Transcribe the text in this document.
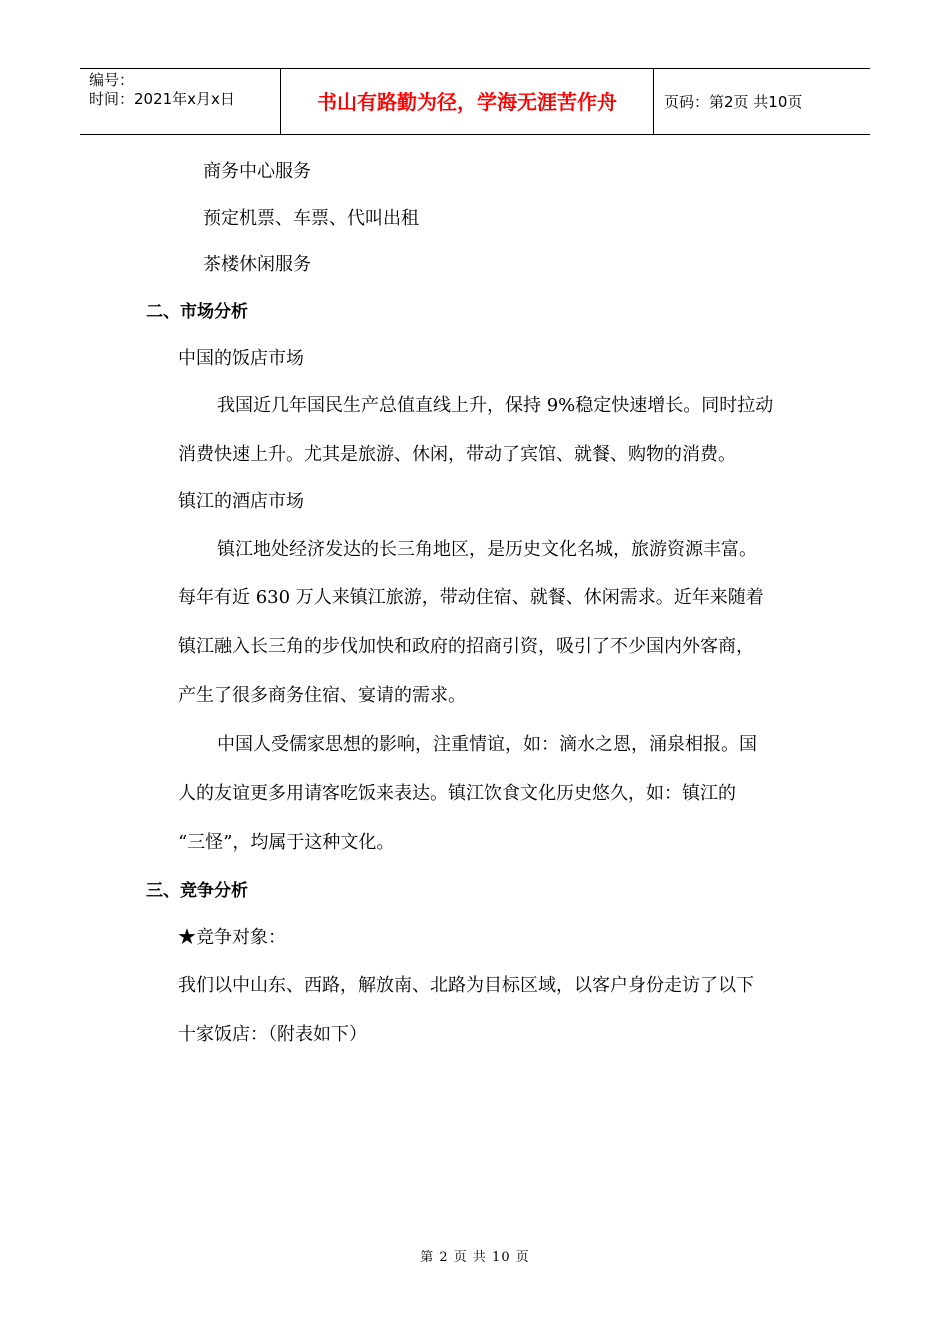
编号：
时间：2021年x月x日	书山有路勤为径，学海无涯苦作舟	页码：第2页 共10页
商务中心服务
预定机票、车票、代叫出租
茶楼休闲服务
二、市场分析
中国的饭店市场
我国近几年国民生产总值直线上升，保持 9%稳定快速增长。同时拉动
消费快速上升。尤其是旅游、休闲，带动了宾馆、就餐、购物的消费。
镇江的酒店市场
镇江地处经济发达的长三角地区，是历史文化名城，旅游资源丰富。
每年有近 630 万人来镇江旅游，带动住宿、就餐、休闲需求。近年来随着
镇江融入长三角的步伐加快和政府的招商引资，吸引了不少国内外客商，
产生了很多商务住宿、宴请的需求。
中国人受儒家思想的影响，注重情谊，如：滴水之恩，涌泉相报。国
人的友谊更多用请客吃饭来表达。镇江饮食文化历史悠久，如：镇江的
“三怪”，均属于这种文化。
三、竞争分析
★竞争对象：
我们以中山东、西路，解放南、北路为目标区域，以客户身份走访了以下
十家饭店：（附表如下）
第 2 页 共 10 页
